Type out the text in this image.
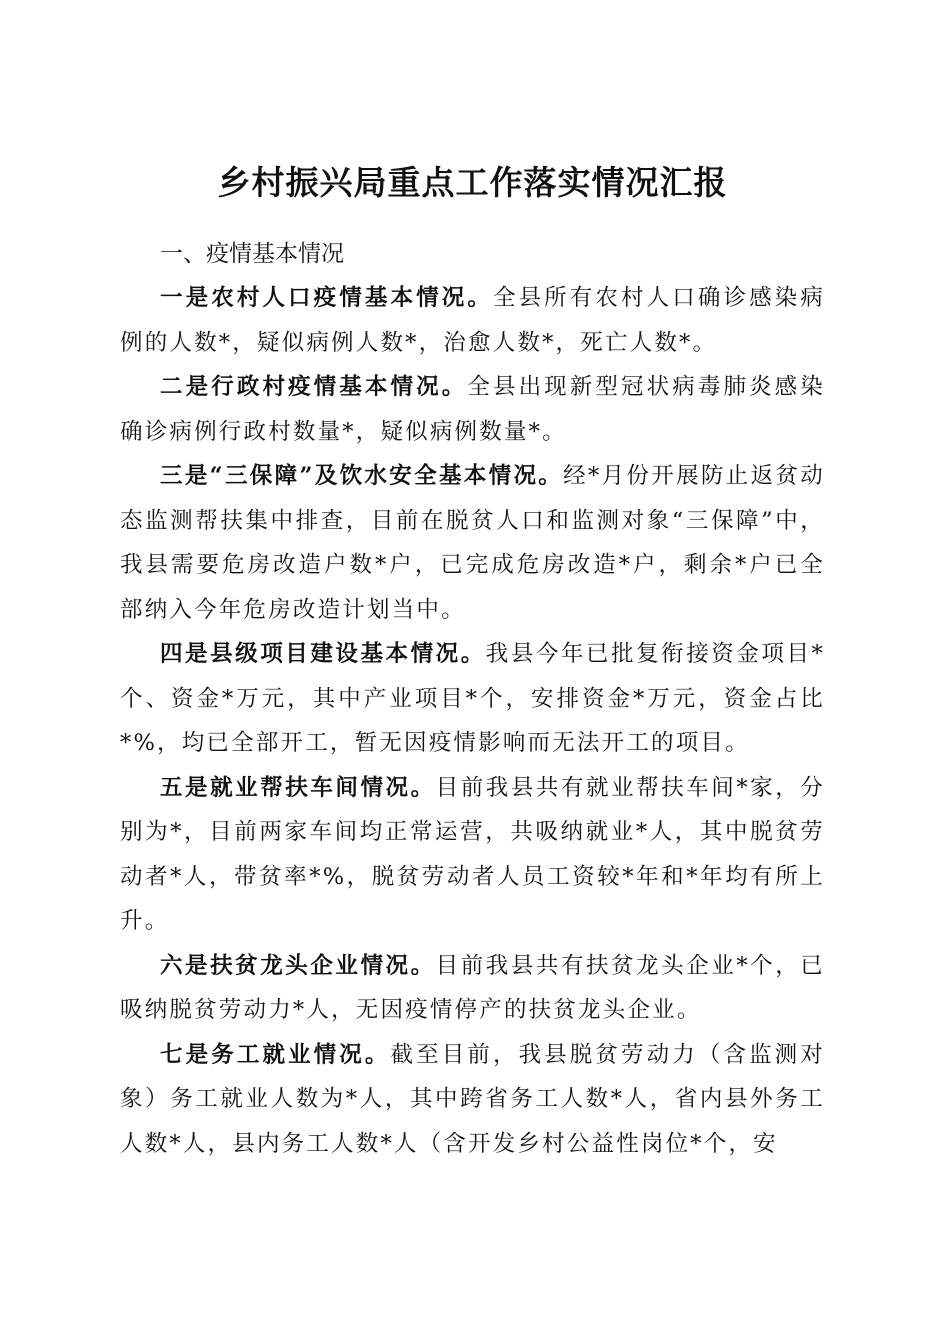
乡村振兴局重点工作落实情况汇报

一、疫情基本情况

一是农村人口疫情基本情况。全县所有农村人口确诊感染病例的人数*，疑似病例人数*，治愈人数*，死亡人数*。

二是行政村疫情基本情况。全县出现新型冠状病毒肺炎感染确诊病例行政村数量*，疑似病例数量*。

三是“三保障”及饮水安全基本情况。经*月份开展防止返贫动态监测帮扶集中排查，目前在脱贫人口和监测对象“三保障”中，我县需要危房改造户数*户，已完成危房改造*户，剩余*户已全部纳入今年危房改造计划当中。

四是县级项目建设基本情况。我县今年已批复衔接资金项目*个、资金*万元，其中产业项目*个，安排资金*万元，资金占比*%，均已全部开工，暂无因疫情影响而无法开工的项目。

五是就业帮扶车间情况。目前我县共有就业帮扶车间*家，分别为*，目前两家车间均正常运营，共吸纳就业*人，其中脱贫劳动者*人，带贫率*%，脱贫劳动者人员工资较*年和*年均有所上升。

六是扶贫龙头企业情况。目前我县共有扶贫龙头企业*个，已吸纳脱贫劳动力*人，无因疫情停产的扶贫龙头企业。

七是务工就业情况。截至目前，我县脱贫劳动力（含监测对象）务工就业人数为*人，其中跨省务工人数*人，省内县外务工人数*人，县内务工人数*人（含开发乡村公益性岗位*个，安
